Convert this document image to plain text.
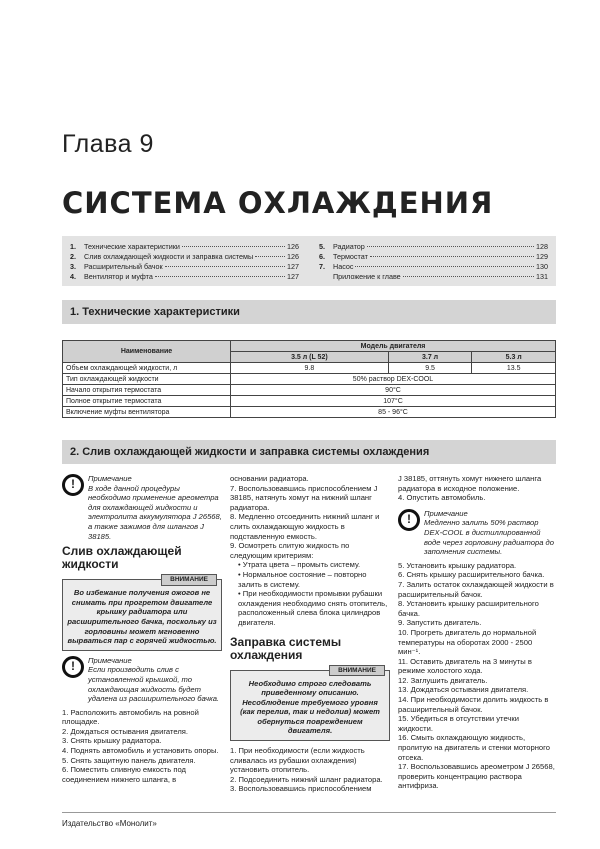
Глава 9
СИСТЕМА ОХЛАЖДЕНИЯ
1.	Технические характеристики	126
2.	Слив охлаждающей жидкости и заправка системы	126
3.	Расширительный бачок	127
4.	Вентилятор и муфта	127
5.	Радиатор	128
6.	Термостат	129
7.	Насос	130
Приложение к главе	131
1. Технические характеристики
Наименование	Модель двигателя		
	3.5 л (L 52)	3.7 л	5.3 л
Объем охлаждающей жидкости, л	9.8	9.5	13.5
Тип охлаждающей жидкости	50% раствор DEX-COOL		
Начало открытия термостата	90°C		
Полное открытие термостата	107°C		
Включение муфты вентилятора	85 - 96°C		
2. Слив охлаждающей жидкости и заправка системы охлаждения
!	Примечание
В ходе данной процедуры необходимо применение ареометра для охлаждающей жидкости и электролита аккумулятора J 26568, а также зажимов для шлангов J 38185.
Слив охлаждающей жидкости
ВНИМАНИЕ
Во избежание получения ожогов не снимать при прогретом двигателе крышку радиатора или расширительного бачка, поскольку из горловины может мгновенно вырваться пар с горячей жидкостью.
!	Примечание
Если производить слив с установленной крышкой, то охлаждающая жидкость будет удалена из расширительного бачка.
1. Расположить автомобиль на ровной площадке.
2. Дождаться остывания двигателя.
3. Снять крышку радиатора.
4. Поднять автомобиль и установить опоры.
5. Снять защитную панель двигателя.
6. Поместить сливную емкость под соединением нижнего шланга, в
основании радиатора.
7. Воспользовавшись приспособлением J 38185, натянуть хомут на нижний шланг радиатора.
8. Медленно отсоединить нижний шланг и слить охлаждающую жидкость в подставленную емкость.
9. Осмотреть слитую жидкость по следующим критериям:
• Утрата цвета – промыть систему.
• Нормальное состояние – повторно залить в систему.
• При необходимости промывки рубашки охлаждения необходимо снять отопитель, расположенный слева блока цилиндров двигателя.
Заправка системы охлаждения
ВНИМАНИЕ
Необходимо строго следовать приведенному описанию. Несоблюдение требуемого уровня (как перелив, так и недолив) может обернуться повреждением двигателя.
1. При необходимости (если жидкость сливалась из рубашки охлаждения) установить отопитель.
2. Подсоединить нижний шланг радиатора.
3. Воспользовавшись приспособлением
J 38185, оттянуть хомут нижнего шланга радиатора в исходное положение.
4. Опустить автомобиль.
!	Примечание
Медленно залить 50% раствор DEX-COOL в дистиллированной воде через горловину радиатора до заполнения системы.
5. Установить крышку радиатора.
6. Снять крышку расширительного бачка.
7. Залить остаток охлаждающей жидкости в расширительный бачок.
8. Установить крышку расширительного бачка.
9. Запустить двигатель.
10. Прогреть двигатель до нормальной температуры на оборотах 2000 - 2500 мин⁻¹.
11. Оставить двигатель на 3 минуты в режиме холостого хода.
12. Заглушить двигатель.
13. Дождаться остывания двигателя.
14. При необходимости долить жидкость в расширительный бачок.
15. Убедиться в отсутствии утечки жидкости.
16. Смыть охлаждающую жидкость, пролитую на двигатель и стенки моторного отсека.
17. Воспользовавшись ареометром J 26568, проверить концентрацию раствора антифриза.
Издательство «Монолит»
